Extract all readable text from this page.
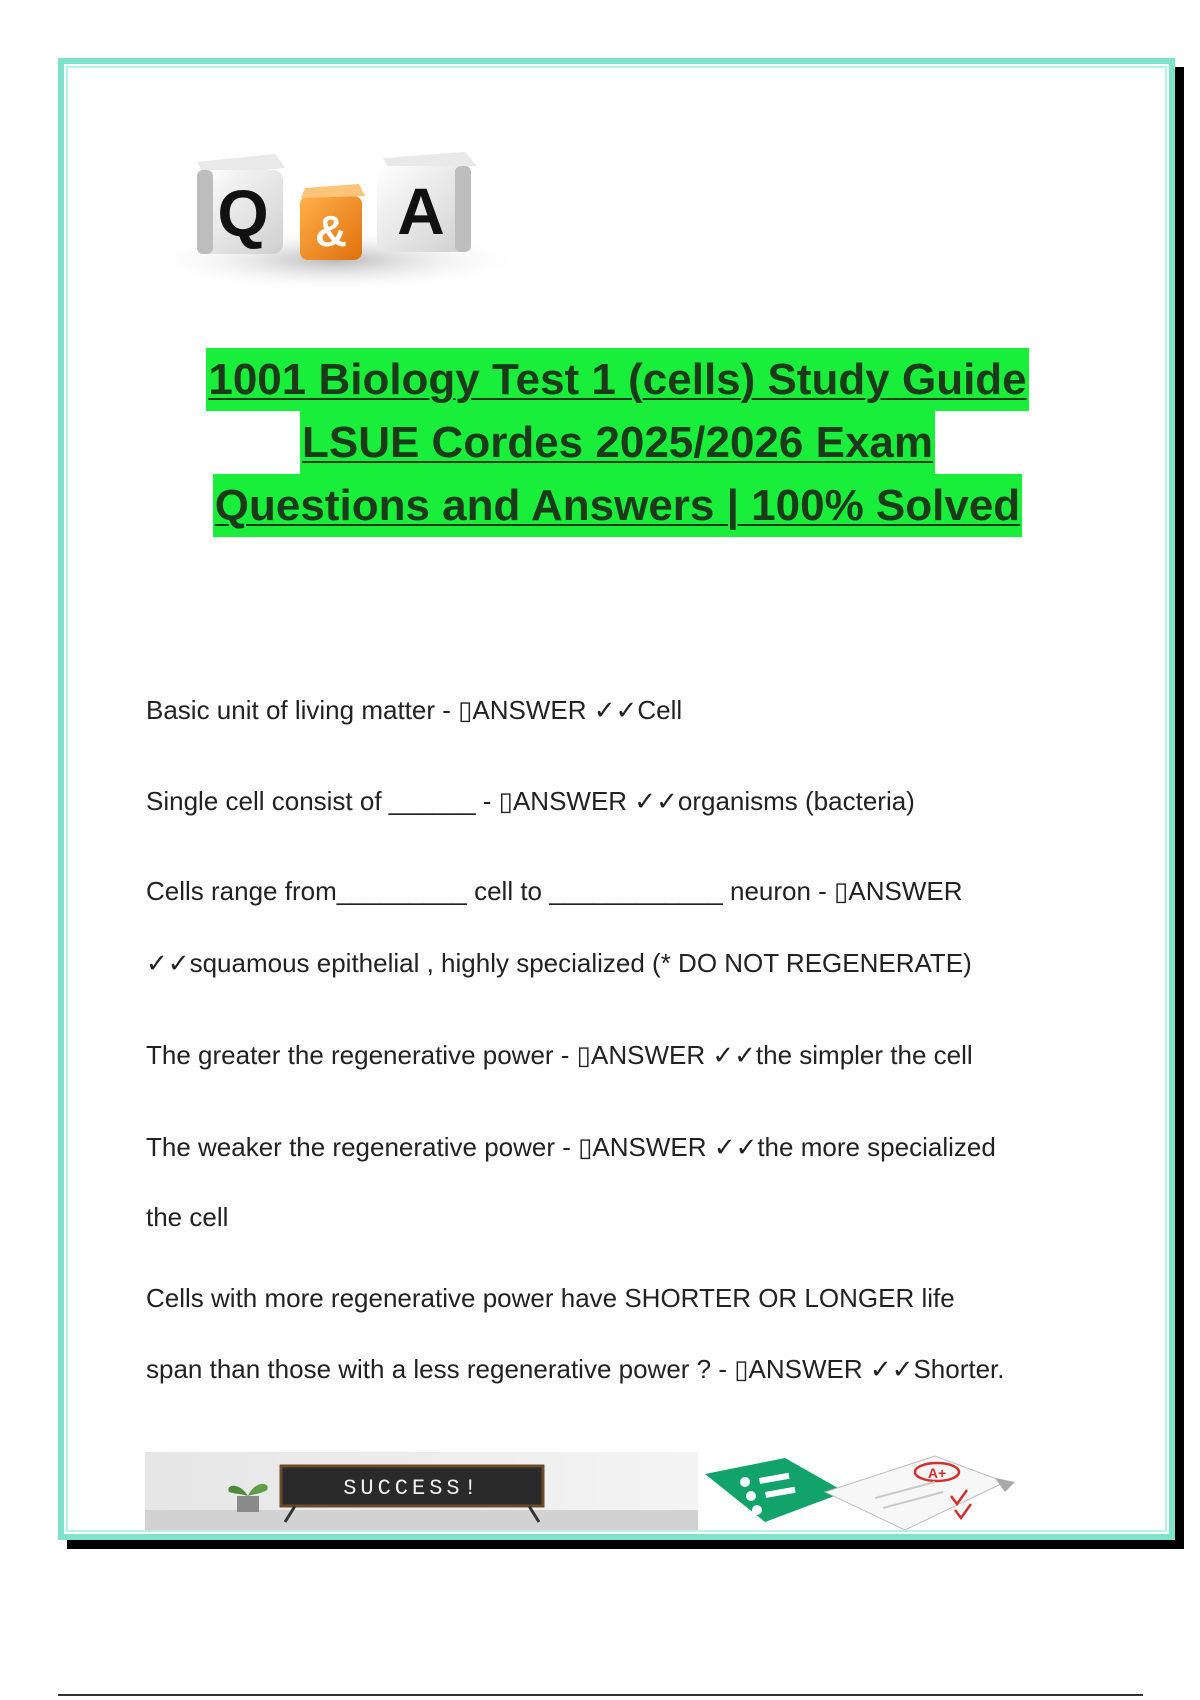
Q & A
1001 Biology Test 1 (cells) Study Guide
LSUE Cordes 2025/2026 Exam
Questions and Answers | 100% Solved
Basic unit of living matter - ▯ANSWER ✓✓Cell
Single cell consist of ______ - ▯ANSWER ✓✓organisms (bacteria)
Cells range from_________ cell to ____________ neuron - ▯ANSWER
✓✓squamous epithelial , highly specialized (* DO NOT REGENERATE)
The greater the regenerative power - ▯ANSWER ✓✓the simpler the cell
The weaker the regenerative power - ▯ANSWER ✓✓the more specialized
the cell
Cells with more regenerative power have SHORTER OR LONGER life
span than those with a less regenerative power ? - ▯ANSWER ✓✓Shorter.
SUCCESS!
A+
